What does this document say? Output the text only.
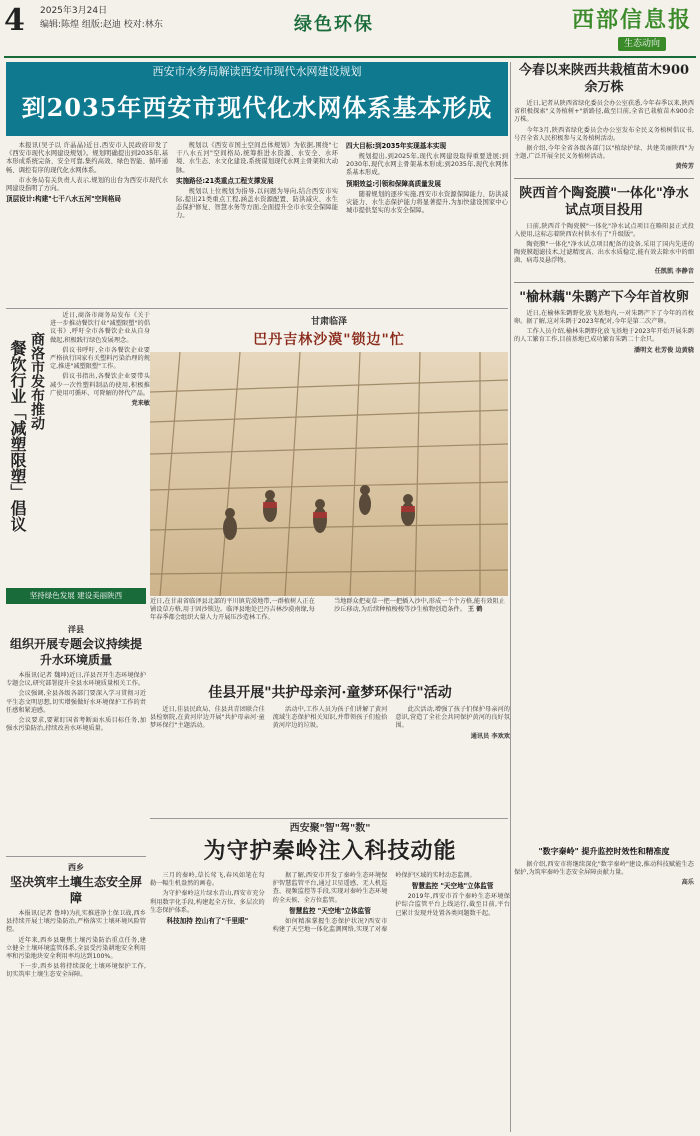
4 2025年3月24日
编辑:陈煌 组版:赵迪 校对:林东	绿色环保	西部信息报
生态动向
西安市水务局解读西安市现代水网建设规划
到2035年西安市现代化水网体系基本形成

本报讯(吴子以 许晶晶)近日,西安市人民政府印发了《西安市现代水网建设规划》。规划明确提出到2035年,基本形成系统完备、安全可靠,集约高效、绿色智能、循环通畅、调控有序的现代化水网体系。

市水务局有关负责人表示,规划的出台为西安市现代水网建设指明了方向。

顶层设计:构建"七干八水五河"空间格局

规划以《西安市国土空间总体规划》为依据,围绕"七干八水五河"空间格局,统筹推进水资源、水安全、水环境、水生态、水文化建设,系统谋划现代水网主骨架和大动脉。

实施路径:21类重点工程支撑发展

规划以上位规划为指导,以问题为导向,结合西安市实际,提出21类重点工程,涵盖水资源配置、防洪减灾、水生态保护修复、智慧水务等方面,全面提升全市水安全保障能力。

四大目标:到2035年实现基本实现

规划提出,到2025年,现代水网建设取得重要进展;到2030年,现代水网主骨架基本形成;到2035年,现代水网体系基本形成。

预期效益:引领和保障高质量发展

随着规划的逐步实施,西安市水资源保障能力、防洪减灾能力、水生态保护能力将显著提升,为加快建设国家中心城市提供坚实的水安全保障。

今春以来陕西共栽植苗木900余万株

近日,记者从陕西省绿化委员会办公室获悉,今年春季以来,陕西省积极探索"义务植树+"新路径,截至目前,全省已栽植苗木900余万株。

今年3月,陕西省绿化委员会办公室发布全民义务植树倡议书,号召全省人民积极参与义务植树活动。

据介绍,今年全省各级各部门以"植绿护绿、共建美丽陕西"为主题,广泛开展全民义务植树活动。

黄传芳
陕西首个陶瓷膜"一体化"净水试点项目投用

日前,陕西首个陶瓷膜"一体化"净水试点项目在略阳县正式投入使用,这标志着陕西农村供水有了"升级版"。

陶瓷膜"一体化"净水试点项目配备的设备,采用了国内先进的陶瓷膜超滤技术,过滤精度高、出水水质稳定,能有效去除水中的细菌、病毒及悬浮物。

任凯凯 李静音
"榆林藕"朱鹮产下今年首枚卵

近日,在榆林朱鹮野化放飞基地内,一对朱鹮产下了今年的首枚卵。据了解,这对朱鹮于2023年配对,今年是第二次产卵。

工作人员介绍,榆林朱鹮野化放飞基地于2023年开始开展朱鹮的人工繁育工作,目前基地已成功繁育朱鹮二十余只。

潘明文 杜芳俊 边黄骁
餐饮行业「减塑限塑」倡议 商洛市发布推动

近日,商洛市商务局发布《关于进一步推动餐饮行业"减塑限塑"的倡议书》,呼吁全市各餐饮企业从自身做起,积极践行绿色发展理念。

倡议书呼吁,全市各餐饮企业要严格执行国家有关塑料污染治理的规定,推进"减塑限塑"工作。

倡议书指出,各餐饮企业要带头减少一次性塑料制品的使用,积极推广使用可循环、可降解的替代产品。

党来敏
甘肃临泽
巴丹吉林沙漠"锁边"忙
近日,在甘肃省临泽县北部的平川镇荒漠地带,一群植树人正在铺设草方格,用于固沙锁边。临泽县地处巴丹吉林沙漠南缘,每年春季都会组织大量人力开展压沙造林工作。
当地群众把麦草一把一把插入沙中,形成一个个方格,能有效阻止沙丘移动,为后续种植梭梭等沙生植物创造条件。 王 鹤
坚持绿色发展 建设美丽陕西
洋县
组织开展专题会议持续提升水环境质量

本报讯(记者 魏坤)近日,洋县召开生态环境保护专题会议,研究部署提升全县水环境质量相关工作。

会议强调,全县各级各部门要深入学习贯彻习近平生态文明思想,切实增强做好水环境保护工作的责任感和紧迫感。

会议要求,要紧盯国省考断面水质目标任务,加强水污染防治,持续改善水环境质量。

佳县开展"共护母亲河·童梦环保行"活动

近日,佳县民政局、佳县共青团联合佳县检察院,在黄河岸边开展"共护母亲河·童梦环保行"主题活动。

活动中,工作人员为孩子们讲解了黄河流域生态保护相关知识,并带领孩子们捡拾黄河岸边的垃圾。

此次活动,增强了孩子们保护母亲河的意识,营造了全社会共同保护黄河的良好氛围。

通讯员 李欢欢
西安聚"智"驾"数"
为守护秦岭注入科技动能

三月的秦岭,草长莺飞,春风如笔在勾勒一幅生机盎然的画卷。

为守护秦岭这片绿水青山,西安市充分利用数字化手段,构建起全方位、多层次的生态保护体系。

科技加持 控山有了"千里眼"

据了解,西安市开发了秦岭生态环境保护智慧监管平台,通过卫星遥感、无人机巡查、视频监控等手段,实现对秦岭生态环境的全天候、全方位监管。

智慧监控 "天空地"立体监管

如何精准掌握生态保护状况?西安市构建了天空地一体化监测网络,实现了对秦岭保护区域的实时动态监测。

智慧监控 "天空地"立体监管

2019年,西安市首个秦岭生态环境保护综合监管平台上线运行,截至目前,平台已累计发现并处置各类问题数千起。

西乡
坚决筑牢土壤生态安全屏障

本报讯(记者 鲁坤)为扎实推进净土保卫战,西乡县持续开展土壤污染防治,严格落实土壤环境风险管控。

近年来,西乡县聚焦土壤污染防治重点任务,建立健全土壤环境监管体系,全县受污染耕地安全利用率和污染地块安全利用率均达到100%。

下一步,西乡县将持续深化土壤环境保护工作,切实筑牢土壤生态安全屏障。

"数字秦岭" 提升监控时效性和精准度

据介绍,西安市将继续深化"数字秦岭"建设,推动科技赋能生态保护,为筑牢秦岭生态安全屏障贡献力量。

高乐
